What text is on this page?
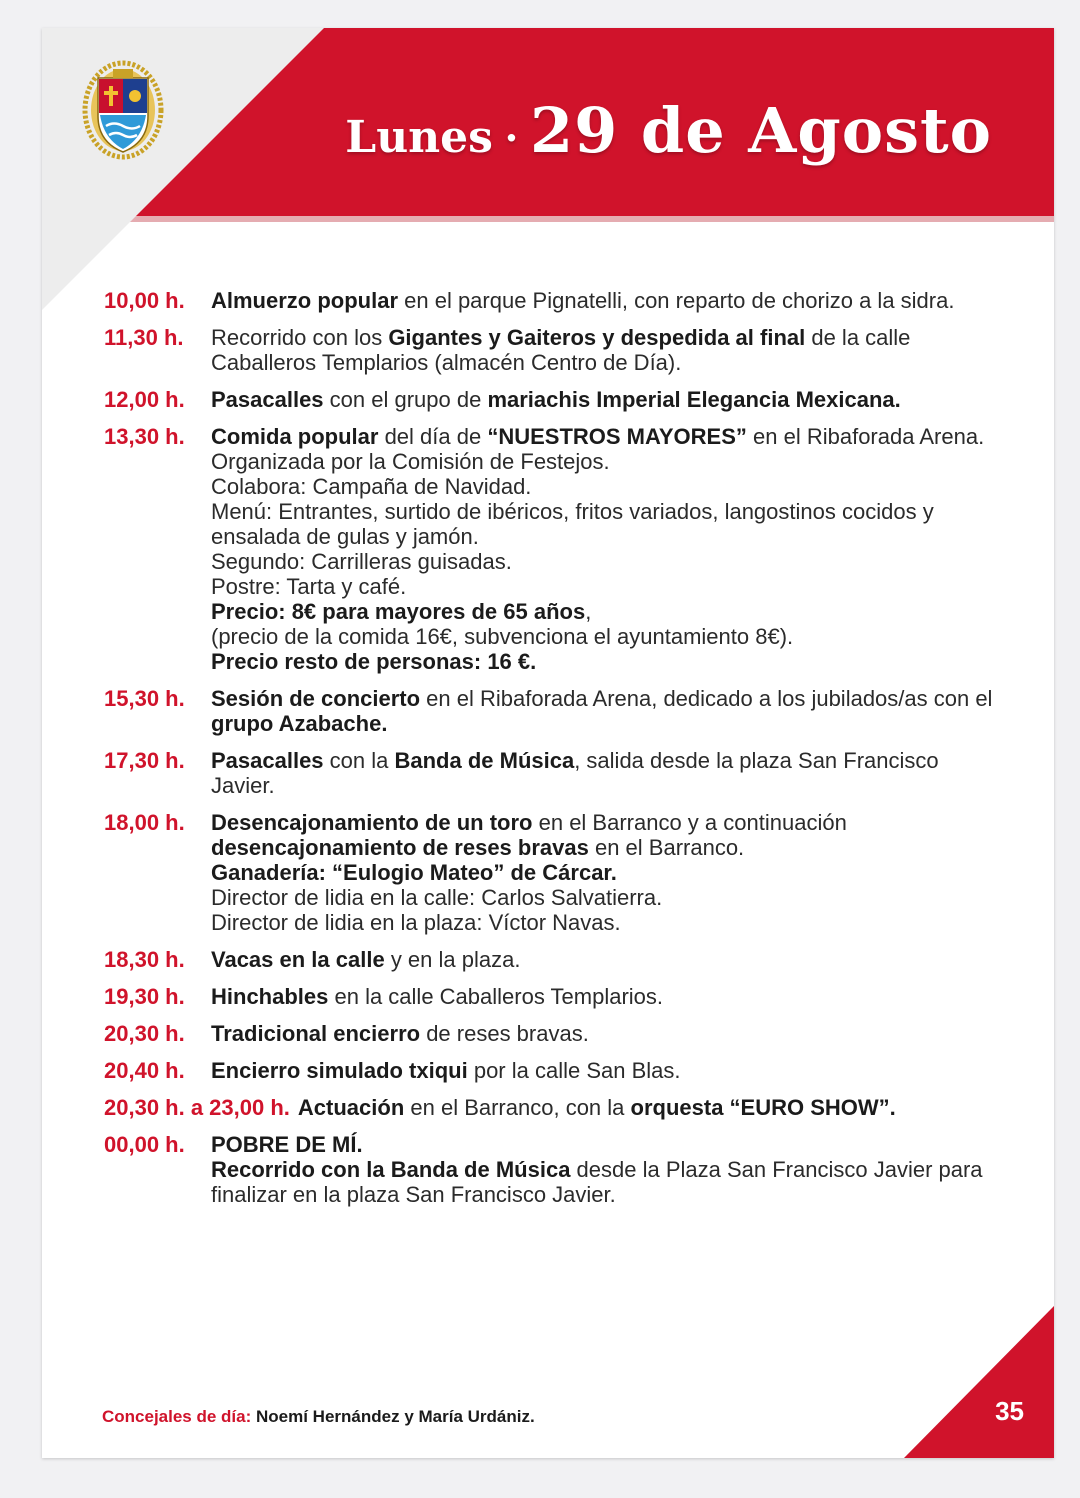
Lunes · 29 de Agosto
10,00 h.	Almuerzo popular en el parque Pignatelli, con reparto de chorizo a la sidra.

11,30 h.	Recorrido con los Gigantes y Gaiteros y despedida al final de la calle Caballeros Templarios (almacén Centro de Día).

12,00 h.	Pasacalles con el grupo de mariachis Imperial Elegancia Mexicana.

13,30 h.	Comida popular del día de “NUESTROS MAYORES” en el Ribaforada Arena.

Organizada por la Comisión de Festejos.

Colabora: Campaña de Navidad.

Menú: Entrantes, surtido de ibéricos, fritos variados, langostinos cocidos y ensalada de gulas y jamón.

Segundo: Carrilleras guisadas.

Postre: Tarta y café.

Precio: 8€ para mayores de 65 años,

(precio de la comida 16€, subvenciona el ayuntamiento 8€).

Precio resto de personas: 16 €.

15,30 h.	Sesión de concierto en el Ribaforada Arena, dedicado a los jubilados/as con el grupo Azabache.

17,30 h.	Pasacalles con la Banda de Música, salida desde la plaza San Francisco Javier.

18,00 h.	Desencajonamiento de un toro en el Barranco y a continuación desencajonamiento de reses bravas en el Barranco.

Ganadería: “Eulogio Mateo” de Cárcar.

Director de lidia en la calle: Carlos Salvatierra.

Director de lidia en la plaza: Víctor Navas.

18,30 h.	Vacas en la calle y en la plaza.

19,30 h.	Hinchables en la calle Caballeros Templarios.

20,30 h.	Tradicional encierro de reses bravas.

20,40 h.	Encierro simulado txiqui por la calle San Blas.

20,30 h. a 23,00 h. Actuación en el Barranco, con la orquesta “EURO SHOW”.

00,00 h.	POBRE DE MÍ.

Recorrido con la Banda de Música desde la Plaza San Francisco Javier para finalizar en la plaza San Francisco Javier.

Concejales de día: Noemí Hernández y María Urdániz.	35
